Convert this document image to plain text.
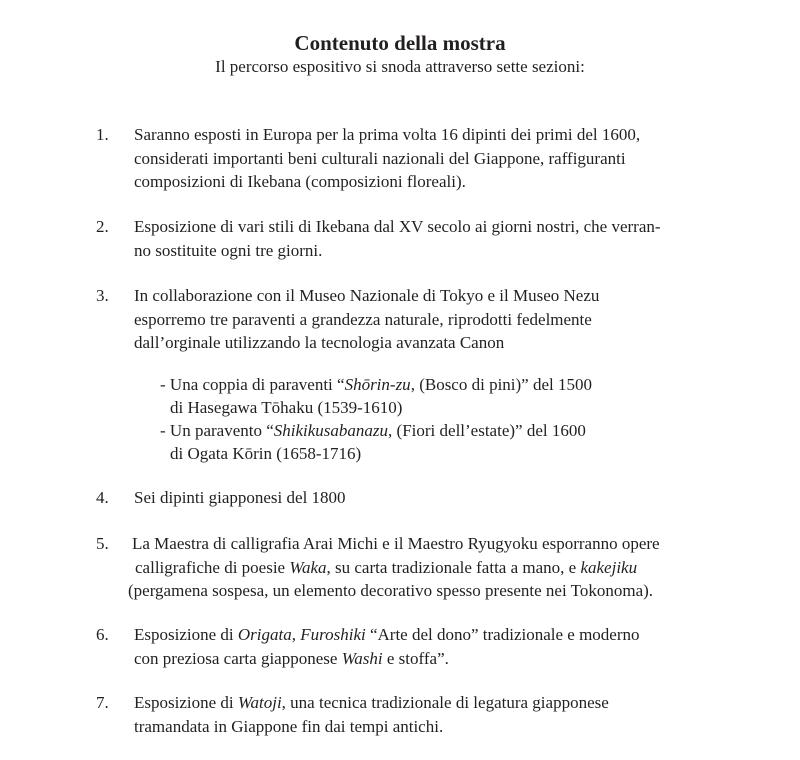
Contenuto della mostra

Il percorso espositivo si snoda attraverso sette sezioni:

1. Saranno esposti in Europa per la prima volta 16 dipinti dei primi del 1600,
considerati importanti beni culturali nazionali del Giappone, raffiguranti
composizioni di Ikebana (composizioni floreali).
2. Esposizione di vari stili di Ikebana dal XV secolo ai giorni nostri, che verran-
no sostituite ogni tre giorni.
3. In collaborazione con il Museo Nazionale di Tokyo e il Museo Nezu
esporremo tre paraventi a grandezza naturale, riprodotti fedelmente
dall’orginale utilizzando la tecnologia avanzata Canon
- Una coppia di paraventi “Shōrin-zu, (Bosco di pini)” del 1500
di Hasegawa Tōhaku (1539-1610)
- Un paravento “Shikikusabanazu, (Fiori dell’estate)” del 1600
di Ogata Kōrin (1658-1716)
4. Sei dipinti giapponesi del 1800
5. La Maestra di calligrafia Arai Michi e il Maestro Ryugyoku esporranno opere
calligrafiche di poesie Waka, su carta tradizionale fatta a mano, e kakejiku
(pergamena sospesa, un elemento decorativo spesso presente nei Tokonoma).
6. Esposizione di Origata, Furoshiki “Arte del dono” tradizionale e moderno
con preziosa carta giapponese Washi e stoffa”.
7. Esposizione di Watoji, una tecnica tradizionale di legatura giapponese
tramandata in Giappone fin dai tempi antichi.
